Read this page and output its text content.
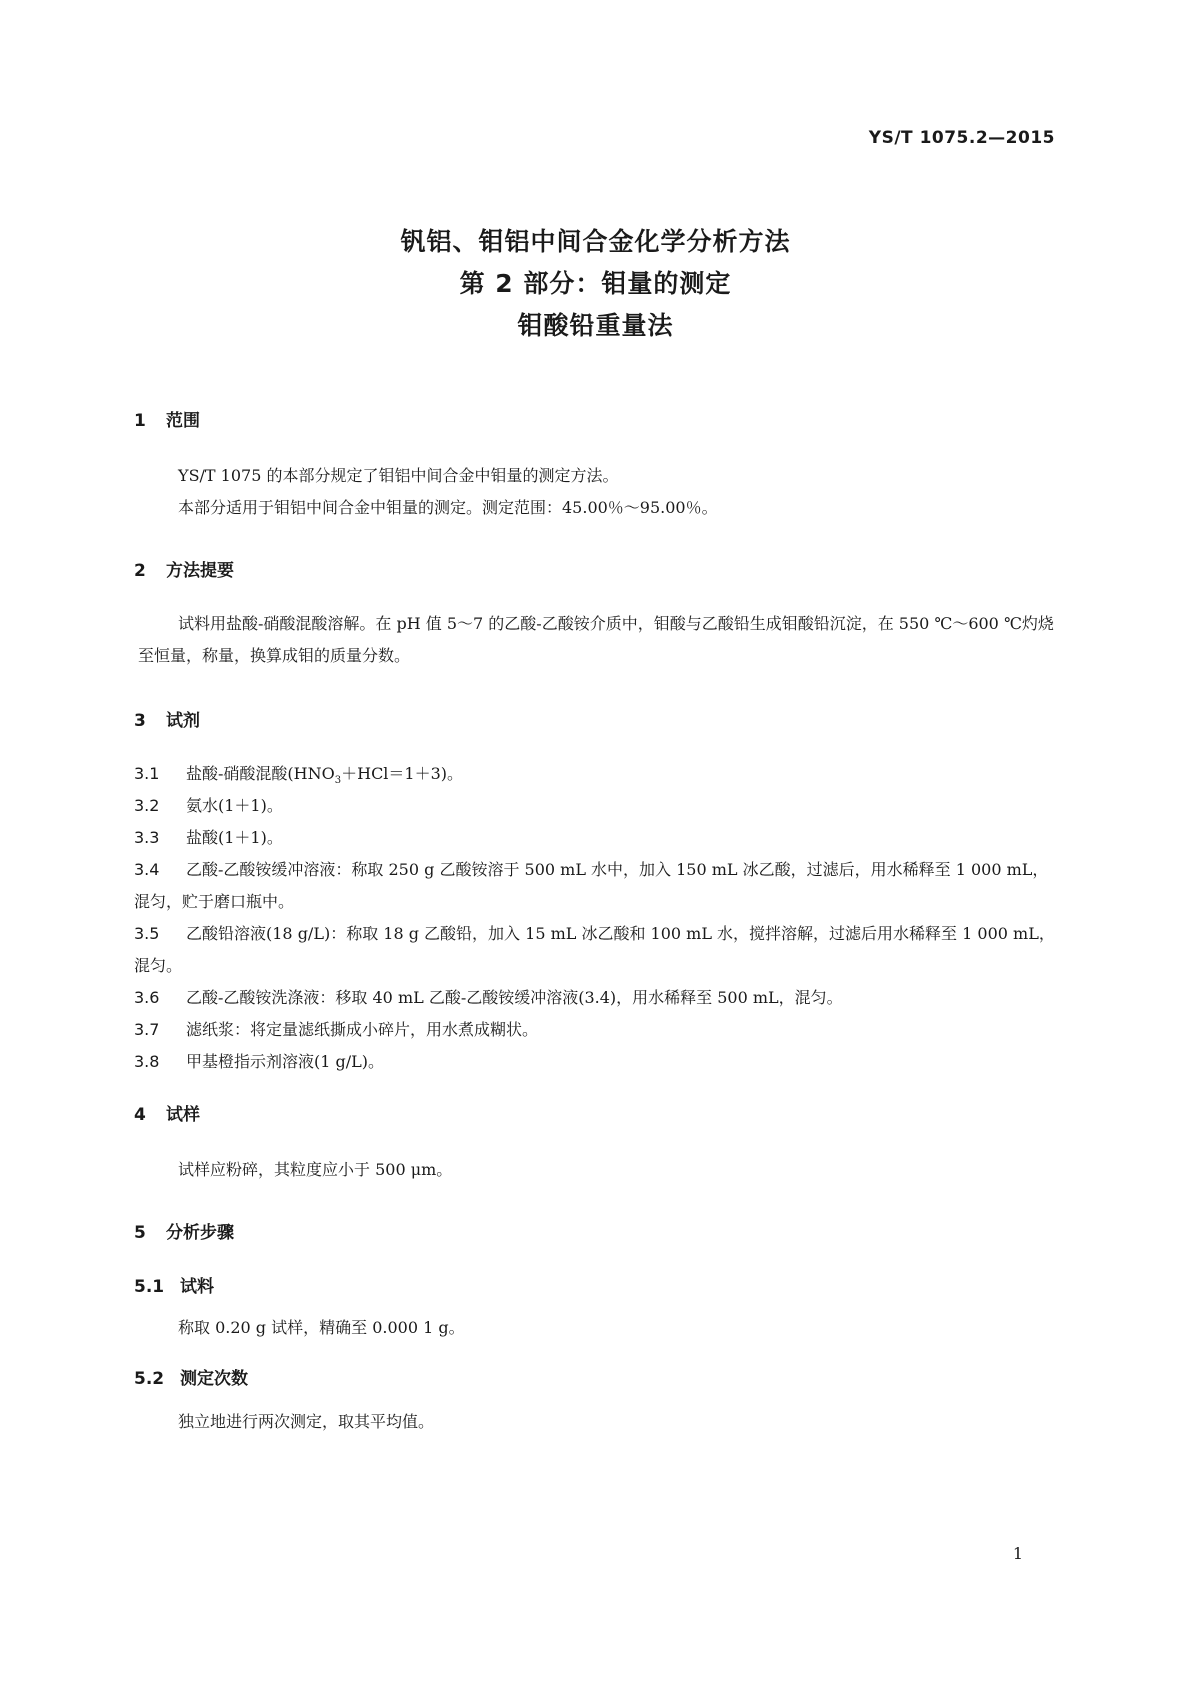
YS/T 1075.2—2015
钒铝、钼铝中间合金化学分析方法
第 2 部分：钼量的测定
钼酸铅重量法
1 范围
YS/T 1075 的本部分规定了钼铝中间合金中钼量的测定方法。
本部分适用于钼铝中间合金中钼量的测定。测定范围：45.00％～95.00％。
2 方法提要
试料用盐酸-硝酸混酸溶解。在 pH 值 5～7 的乙酸-乙酸铵介质中，钼酸与乙酸铅生成钼酸铅沉淀，在 550 ℃～600 ℃灼烧至恒量，称量，换算成钼的质量分数。
3 试剂
3.1 盐酸-硝酸混酸$(HNO_3+HCl=1+3)$。
3.2 氨水(1＋1)。
3.3 盐酸(1＋1)。
3.4 乙酸-乙酸铵缓冲溶液：称取 250 g 乙酸铵溶于 500 mL 水中，加入 150 mL 冰乙酸，过滤后，用水稀释至 1 000 mL，混匀，贮于磨口瓶中。
3.5 乙酸铅溶液(18 g/L)：称取 18 g 乙酸铅，加入 15 mL 冰乙酸和 100 mL 水，搅拌溶解，过滤后用水稀释至 1 000 mL，混匀。
3.6 乙酸-乙酸铵洗涤液：移取 40 mL 乙酸-乙酸铵缓冲溶液(3.4)，用水稀释至 500 mL，混匀。
3.7 滤纸浆：将定量滤纸撕成小碎片，用水煮成糊状。
3.8 甲基橙指示剂溶液(1 g/L)。
4 试样
试样应粉碎，其粒度应小于 500 μm。
5 分析步骤
5.1 试料
称取 0.20 g 试样，精确至 0.000 1 g。
5.2 测定次数
独立地进行两次测定，取其平均值。
1
